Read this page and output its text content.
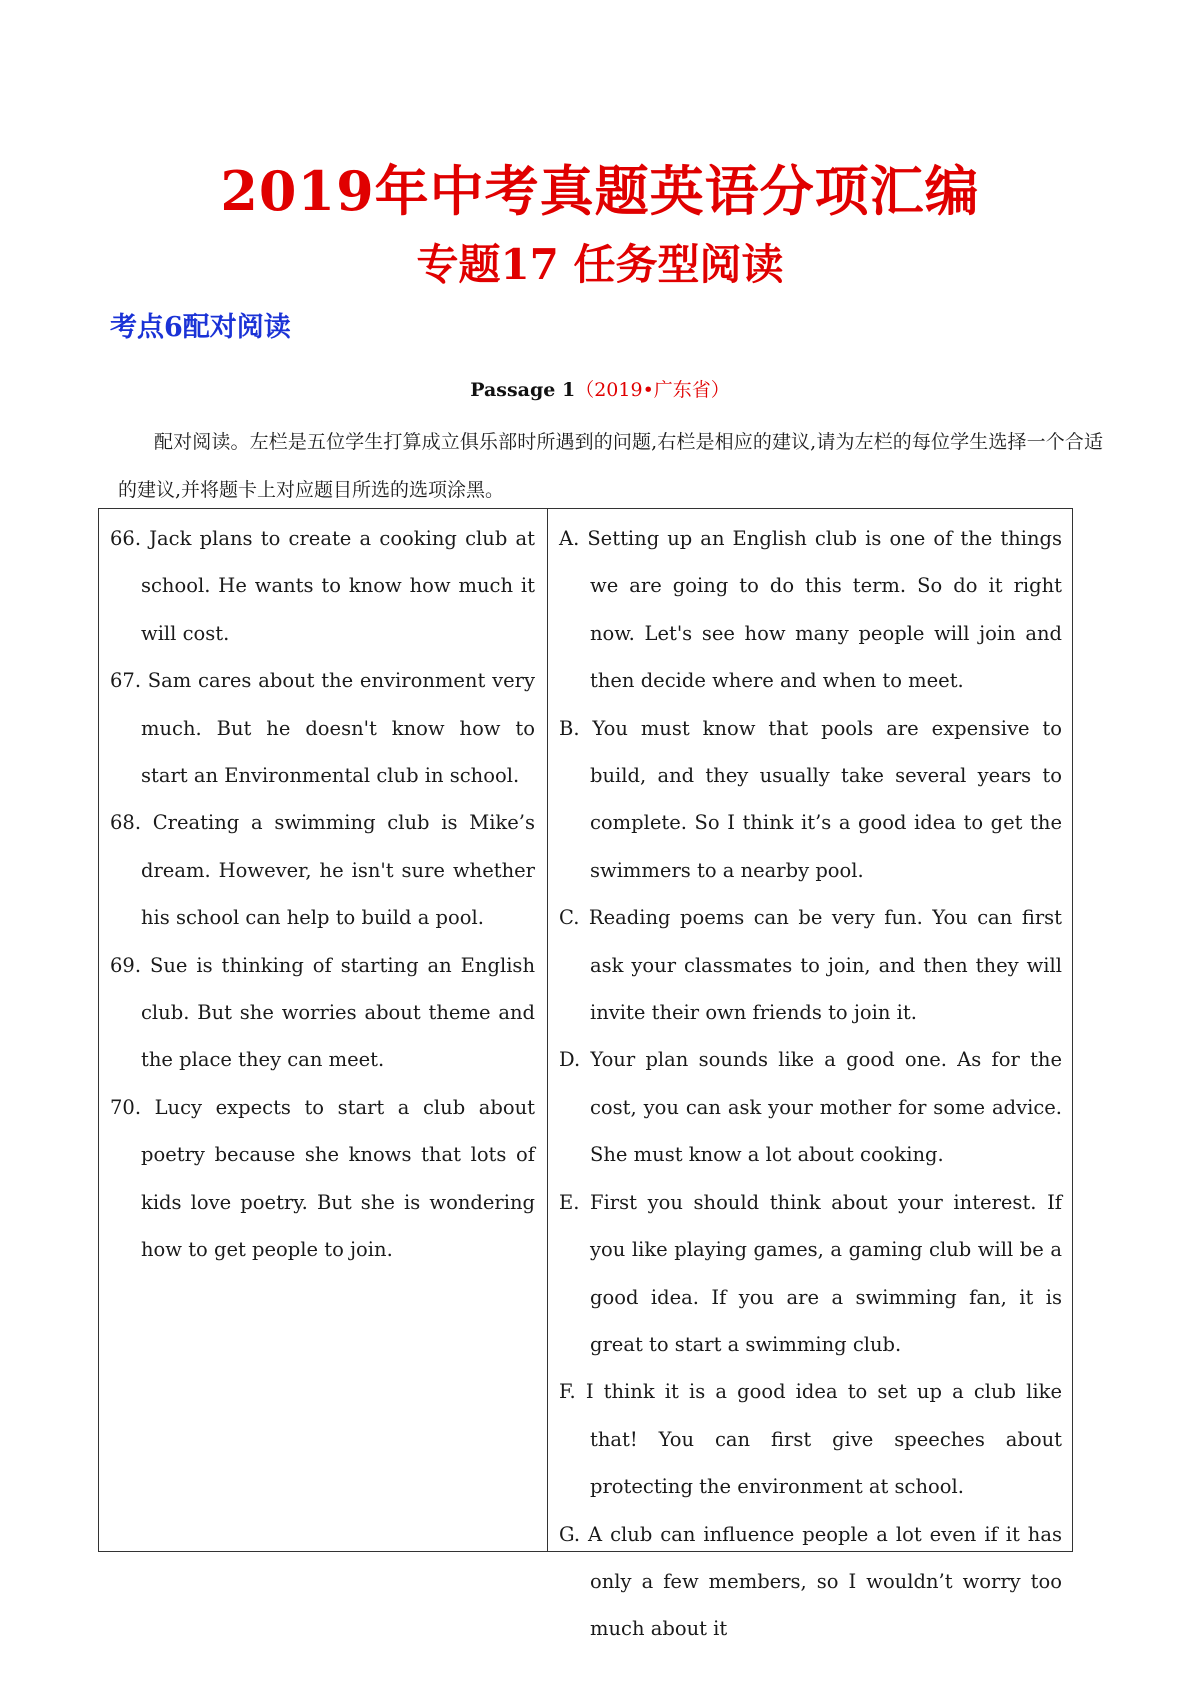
2019年中考真题英语分项汇编
专题17 任务型阅读
考点6配对阅读
Passage 1（2019•广东省）
配对阅读。左栏是五位学生打算成立俱乐部时所遇到的问题,右栏是相应的建议,请为左栏的每位学生选择一个合适的建议,并将题卡上对应题目所选的选项涂黑。
66. Jack plans to create a cooking club at school. He wants to know how much it will cost.
67. Sam cares about the environment very much. But he doesn't know how to start an Environmental club in school.
68. Creating a swimming club is Mike’s dream. However, he isn't sure whether his school can help to build a pool.
69. Sue is thinking of starting an English club. But she worries about theme and the place they can meet.
70. Lucy expects to start a club about poetry because she knows that lots of kids love poetry. But she is wondering how to get people to join.
A. Setting up an English club is one of the things we are going to do this term. So do it right now. Let's see how many people will join and then decide where and when to meet.
B. You must know that pools are expensive to build, and they usually take several years to complete. So I think it’s a good idea to get the swimmers to a nearby pool.
C. Reading poems can be very fun. You can first ask your classmates to join, and then they will invite their own friends to join it.
D. Your plan sounds like a good one. As for the cost, you can ask your mother for some advice. She must know a lot about cooking.
E. First you should think about your interest. If you like playing games, a gaming club will be a good idea. If you are a swimming fan, it is great to start a swimming club.
F. I think it is a good idea to set up a club like that! You can first give speeches about protecting the environment at school.
G. A club can influence people a lot even if it has only a few members, so I wouldn’t worry too much about it
